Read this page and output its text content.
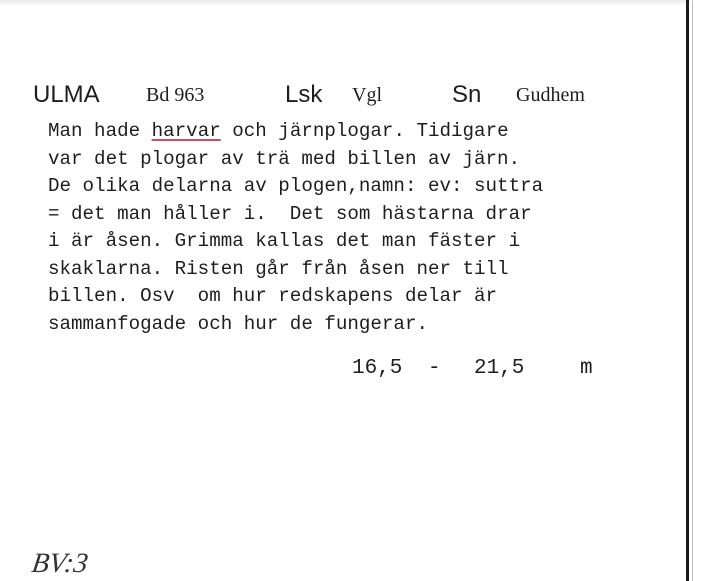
ULMA Bd 963	Lsk Vgl	Sn Gudhem
Man hade harvar och järnplogar. Tidigare
var det plogar av trä med billen av järn.
De olika delarna av plogen,namn: ev: suttra
= det man håller i.  Det som hästarna drar
i är åsen. Grimma kallas det man fäster i
skaklarna. Risten går från åsen ner till
billen. Osv  om hur redskapens delar är
sammanfogade och hur de fungerar.
16,5 - 21,5	m
BV:3
